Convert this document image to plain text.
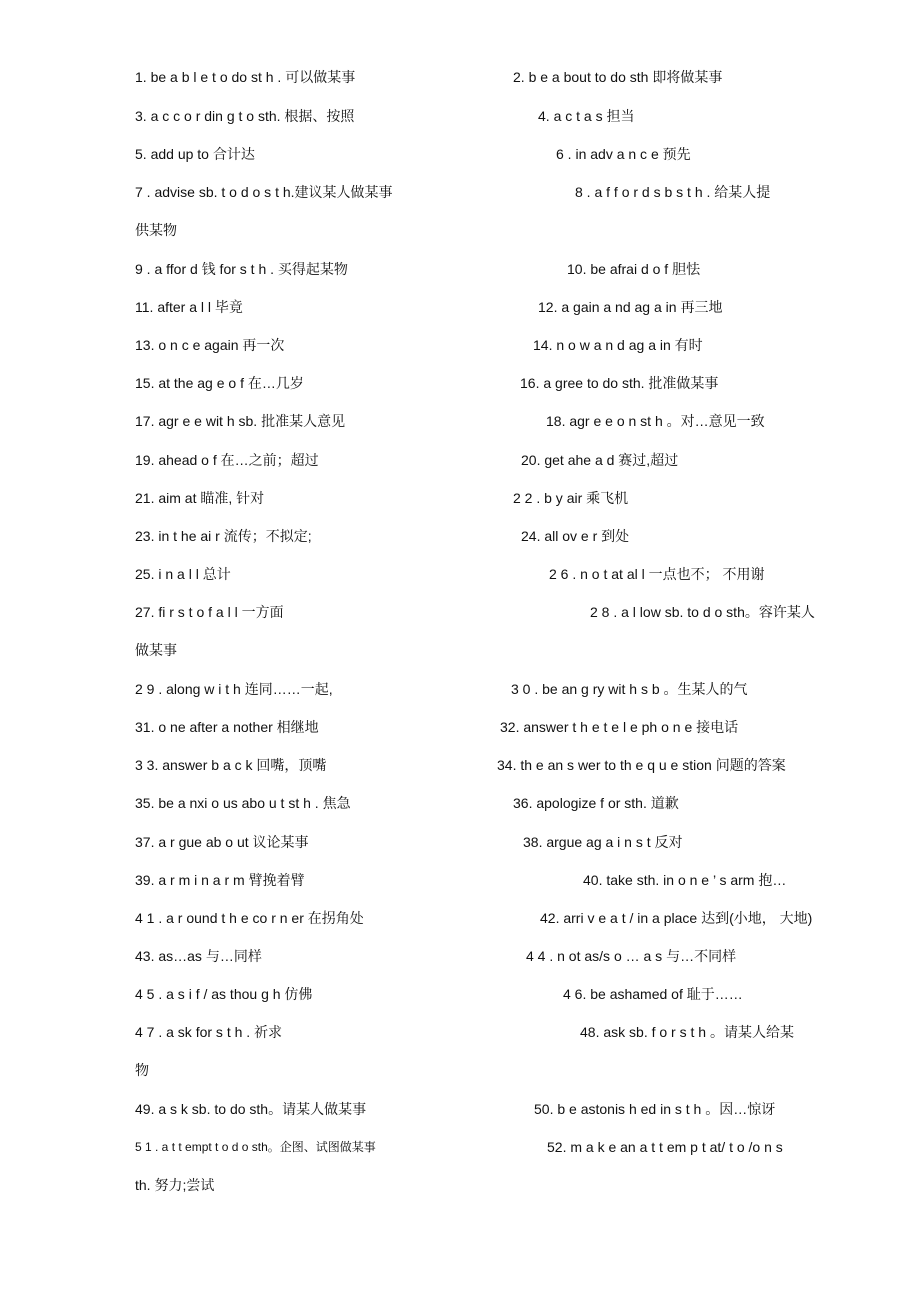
1. be a b l e t o do st h . 可以做某事	2. b e a bout to do sth 即将做某事
3. a c c o r din g t o sth. 根据、按照	4. a c t a s 担当
5. add up to 合计达	6 . in adv a n c e 预先
7 . advise sb. t o d o s t h.建议某人做某事	8 . a f f o r d s b s t h . 给某人提
供某物
9 . a ffor d 钱 for s t h . 买得起某物	10. be afrai d o f 胆怯
11. after a l l 毕竟	12. a gain a nd ag a in 再三地
13. o n c e again 再一次	14. n o w a n d ag a in 有时
15. at the ag e o f 在…几岁	16. a gree to do sth. 批准做某事
17. agr e e wit h sb. 批准某人意见	18. agr e e o n st h 。对…意见一致
19. ahead o f 在…之前；超过	20. get ahe a d 赛过,超过
21. aim at 瞄准, 针对	2 2 . b y air 乘飞机
23. in t he ai r 流传；不拟定;	24. all ov e r 到处
25. i n a l l 总计	2 6 . n o t at al l 一点也不； 不用谢
27. fi r s t o f a l l 一方面	2 8 . a l low sb. to d o sth。容许某人
做某事
2 9 . along w i t h 连同……一起,	3 0 . be an g ry wit h s b 。生某人的气
31. o ne after a nother 相继地	32. answer t h e t e l e ph o n e 接电话
3 3. answer b a c k 回嘴，顶嘴	34. th e an s wer to th e q u e stion 问题的答案
35. be a nxi o us abo u t st h . 焦急	36. apologize f or sth. 道歉
37. a r gue ab o ut 议论某事	38. argue ag a i n s t 反对
39. a r m i n a r m 臂挽着臂	40. take sth. in o n e ’ s arm 抱…
4 1 . a r ound t h e co r n er 在拐角处	42. arri v e a t / in a place 达到(小地， 大地)
43. as…as 与…同样	4 4 . n ot as/s o … a s 与…不同样
4 5 . a s i f / as thou g h 仿佛	4 6. be ashamed of 耻于……
4 7 . a sk for s t h . 祈求	48. ask sb. f o r s t h 。请某人给某
物
49. a s k sb. to do sth。请某人做某事	50. b e astonis h ed in s t h 。因…惊讶
5 1 . a t t empt t o d o sth。企图、试图做某事	52. m a k e an a t t em p t at/ t o /o n s
th. 努力;尝试
